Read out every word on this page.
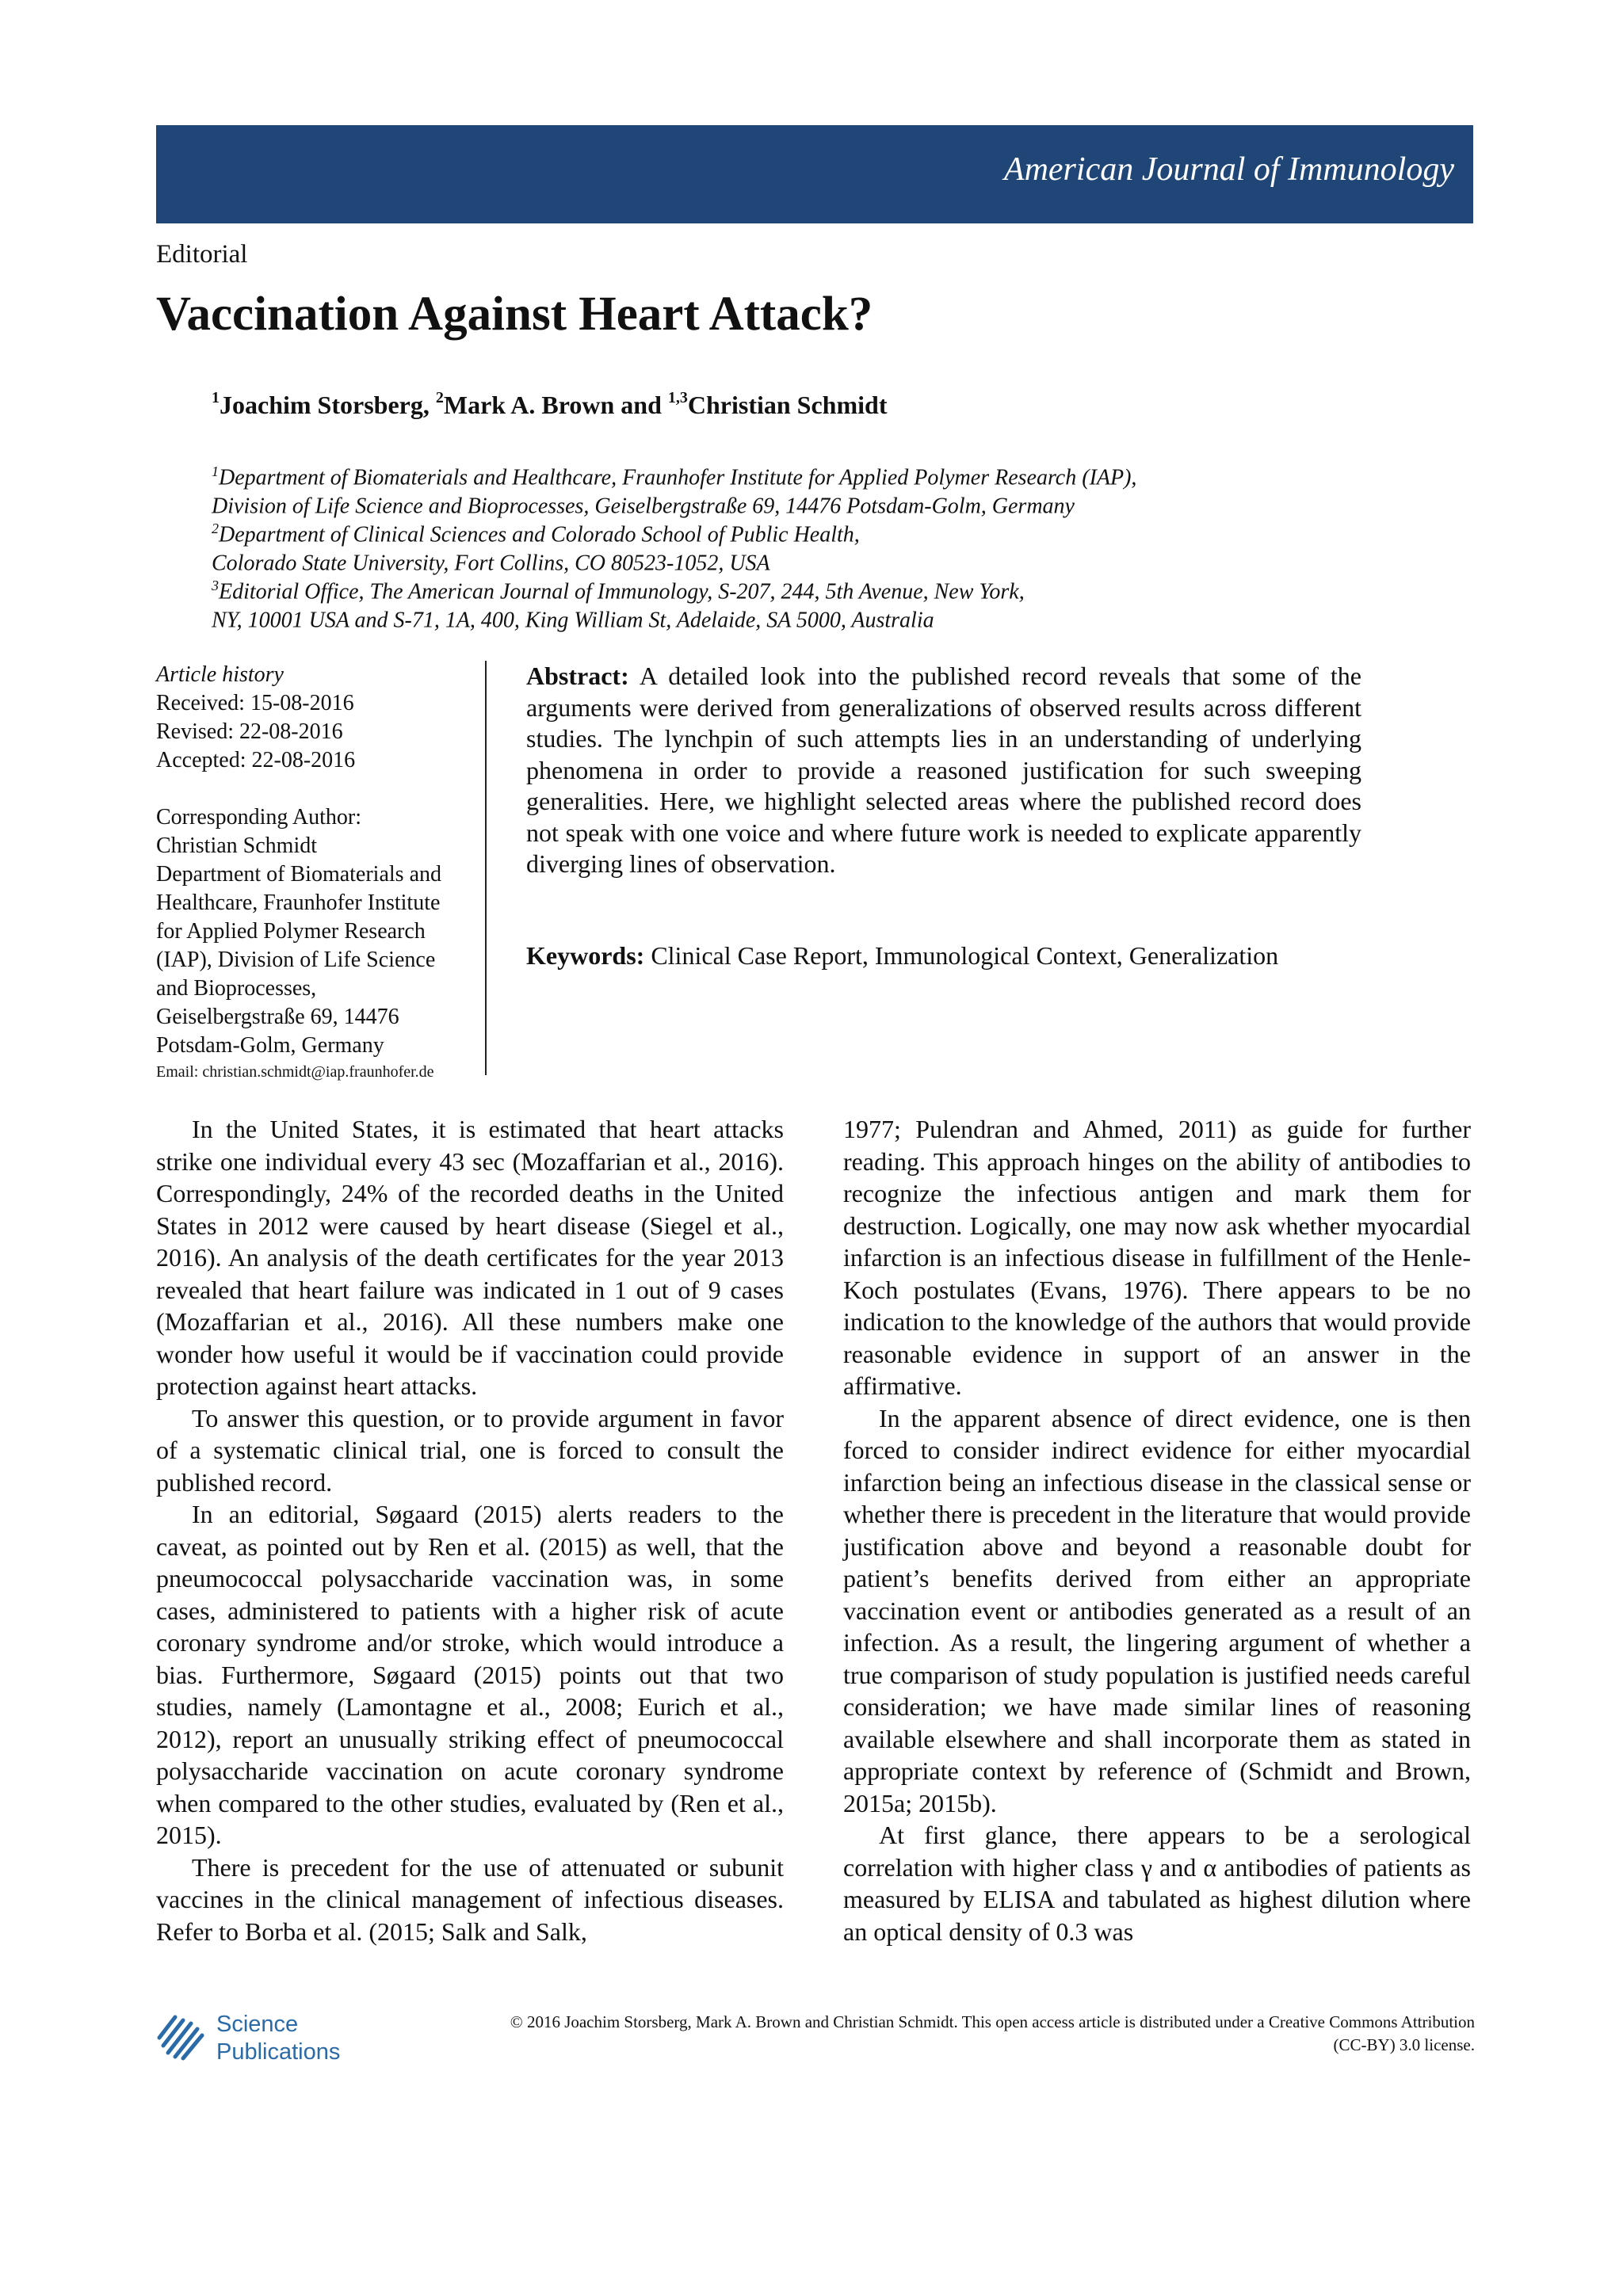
American Journal of Immunology
Editorial
Vaccination Against Heart Attack?
$^1$Joachim Storsberg, $^2$Mark A. Brown and $^{1,3}$Christian Schmidt
$^1$Department of Biomaterials and Healthcare, Fraunhofer Institute for Applied Polymer Research (IAP),
Division of Life Science and Bioprocesses, Geiselbergstraße 69, 14476 Potsdam-Golm, Germany
$^2$Department of Clinical Sciences and Colorado School of Public Health,
Colorado State University, Fort Collins, CO 80523-1052, USA
$^3$Editorial Office, The American Journal of Immunology, S-207, 244, 5th Avenue, New York,
NY, 10001 USA and S-71, 1A, 400, King William St, Adelaide, SA 5000, Australia
Article history
Received: 15-08-2016
Revised: 22-08-2016
Accepted: 22-08-2016
Corresponding Author:
Christian Schmidt
Department of Biomaterials and
Healthcare, Fraunhofer Institute
for Applied Polymer Research
(IAP), Division of Life Science
and Bioprocesses,
Geiselbergstraße 69, 14476
Potsdam-Golm, Germany
Email: christian.schmidt@iap.fraunhofer.de
Abstract: A detailed look into the published record reveals that some of the arguments were derived from generalizations of observed results across different studies. The lynchpin of such attempts lies in an understanding of underlying phenomena in order to provide a reasoned justification for such sweeping generalities. Here, we highlight selected areas where the published record does not speak with one voice and where future work is needed to explicate apparently diverging lines of observation.
Keywords: Clinical Case Report, Immunological Context, Generalization

In the United States, it is estimated that heart attacks strike one individual every 43 sec (Mozaffarian et al., 2016). Correspondingly, 24% of the recorded deaths in the United States in 2012 were caused by heart disease (Siegel et al., 2016). An analysis of the death certificates for the year 2013 revealed that heart failure was indicated in 1 out of 9 cases (Mozaffarian et al., 2016). All these numbers make one wonder how useful it would be if vaccination could provide protection against heart attacks.

To answer this question, or to provide argument in favor of a systematic clinical trial, one is forced to consult the published record.

In an editorial, Søgaard (2015) alerts readers to the caveat, as pointed out by Ren et al. (2015) as well, that the pneumococcal polysaccharide vaccination was, in some cases, administered to patients with a higher risk of acute coronary syndrome and/or stroke, which would introduce a bias. Furthermore, Søgaard (2015) points out that two studies, namely (Lamontagne et al., 2008; Eurich et al., 2012), report an unusually striking effect of pneumococcal polysaccharide vaccination on acute coronary syndrome when compared to the other studies, evaluated by (Ren et al., 2015).

There is precedent for the use of attenuated or subunit vaccines in the clinical management of infectious diseases. Refer to Borba et al. (2015; Salk and Salk,

1977; Pulendran and Ahmed, 2011) as guide for further reading. This approach hinges on the ability of antibodies to recognize the infectious antigen and mark them for destruction. Logically, one may now ask whether myocardial infarction is an infectious disease in fulfillment of the Henle-Koch postulates (Evans, 1976). There appears to be no indication to the knowledge of the authors that would provide reasonable evidence in support of an answer in the affirmative.

In the apparent absence of direct evidence, one is then forced to consider indirect evidence for either myocardial infarction being an infectious disease in the classical sense or whether there is precedent in the literature that would provide justification above and beyond a reasonable doubt for patient’s benefits derived from either an appropriate vaccination event or antibodies generated as a result of an infection. As a result, the lingering argument of whether a true comparison of study population is justified needs careful consideration; we have made similar lines of reasoning available elsewhere and shall incorporate them as stated in appropriate context by reference of (Schmidt and Brown, 2015a; 2015b).

At first glance, there appears to be a serological correlation with higher class γ and α antibodies of patients as measured by ELISA and tabulated as highest dilution where an optical density of 0.3 was

Science
Publications
© 2016 Joachim Storsberg, Mark A. Brown and Christian Schmidt. This open access article is distributed under a Creative Commons Attribution (CC-BY) 3.0 license.
